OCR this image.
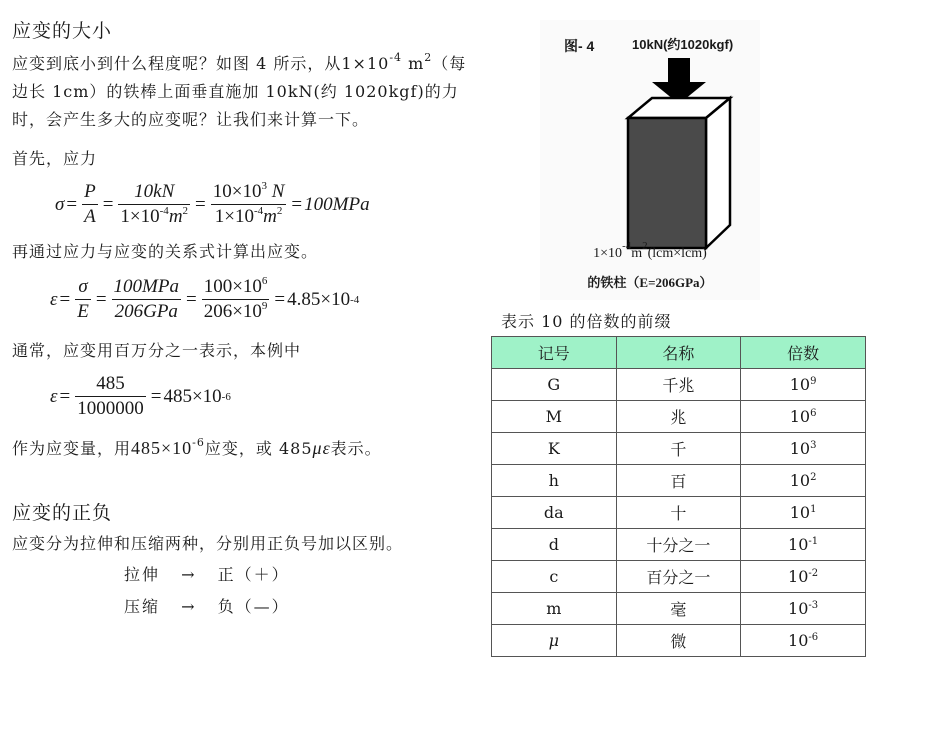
应变的大小
应变到底小到什么程度呢？如图 4 所示，从$1\times 10^{-4}$ $m^2$（每边长 1cm）的铁棒上面垂直施加 10kN(约 1020kgf)的力时，会产生多大的应变呢？让我们来计算一下。
首先，应力
$\sigma = \frac{P}{A} = \frac{10kN}{1\times 10^{-4}m^2} = \frac{10\times 10^3 N}{1\times 10^{-4}m^2} = 100MPa$
再通过应力与应变的关系式计算出应变。
$\varepsilon = \frac{\sigma}{E} = \frac{\text{100MPa}}{\text{206GPa}} = \frac{100\times 10^6}{206\times 10^9} = 4.85\times 10$ -4
通常，应变用百万分之一表示，本例中
$\varepsilon = \frac{485}{1000000} = 485\times 10$ -6
作为应变量，用$485\times 10^{-6}$应变，或 485με表示。
应变的正负
应变分为拉伸和压缩两种，分别用正负号加以区别。
拉伸 → 正（＋）
压缩 → 负（—）
图- 4	10kN(约1020kgf)
$1\times 10^{-4}m^2(lcm\times lcm)$
的铁柱（E=206GPa）
表示 10 的倍数的前缀
记号	名称	倍数
G	千兆	$10^9$
M	兆	$10^6$
K	千	$10^3$
h	百	$10^2$
da	十	$10^1$
d	十分之一	$10^{-1}$
c	百分之一	$10^{-2}$
m	毫	$10^{-3}$
μ	微	$10^{-6}$
